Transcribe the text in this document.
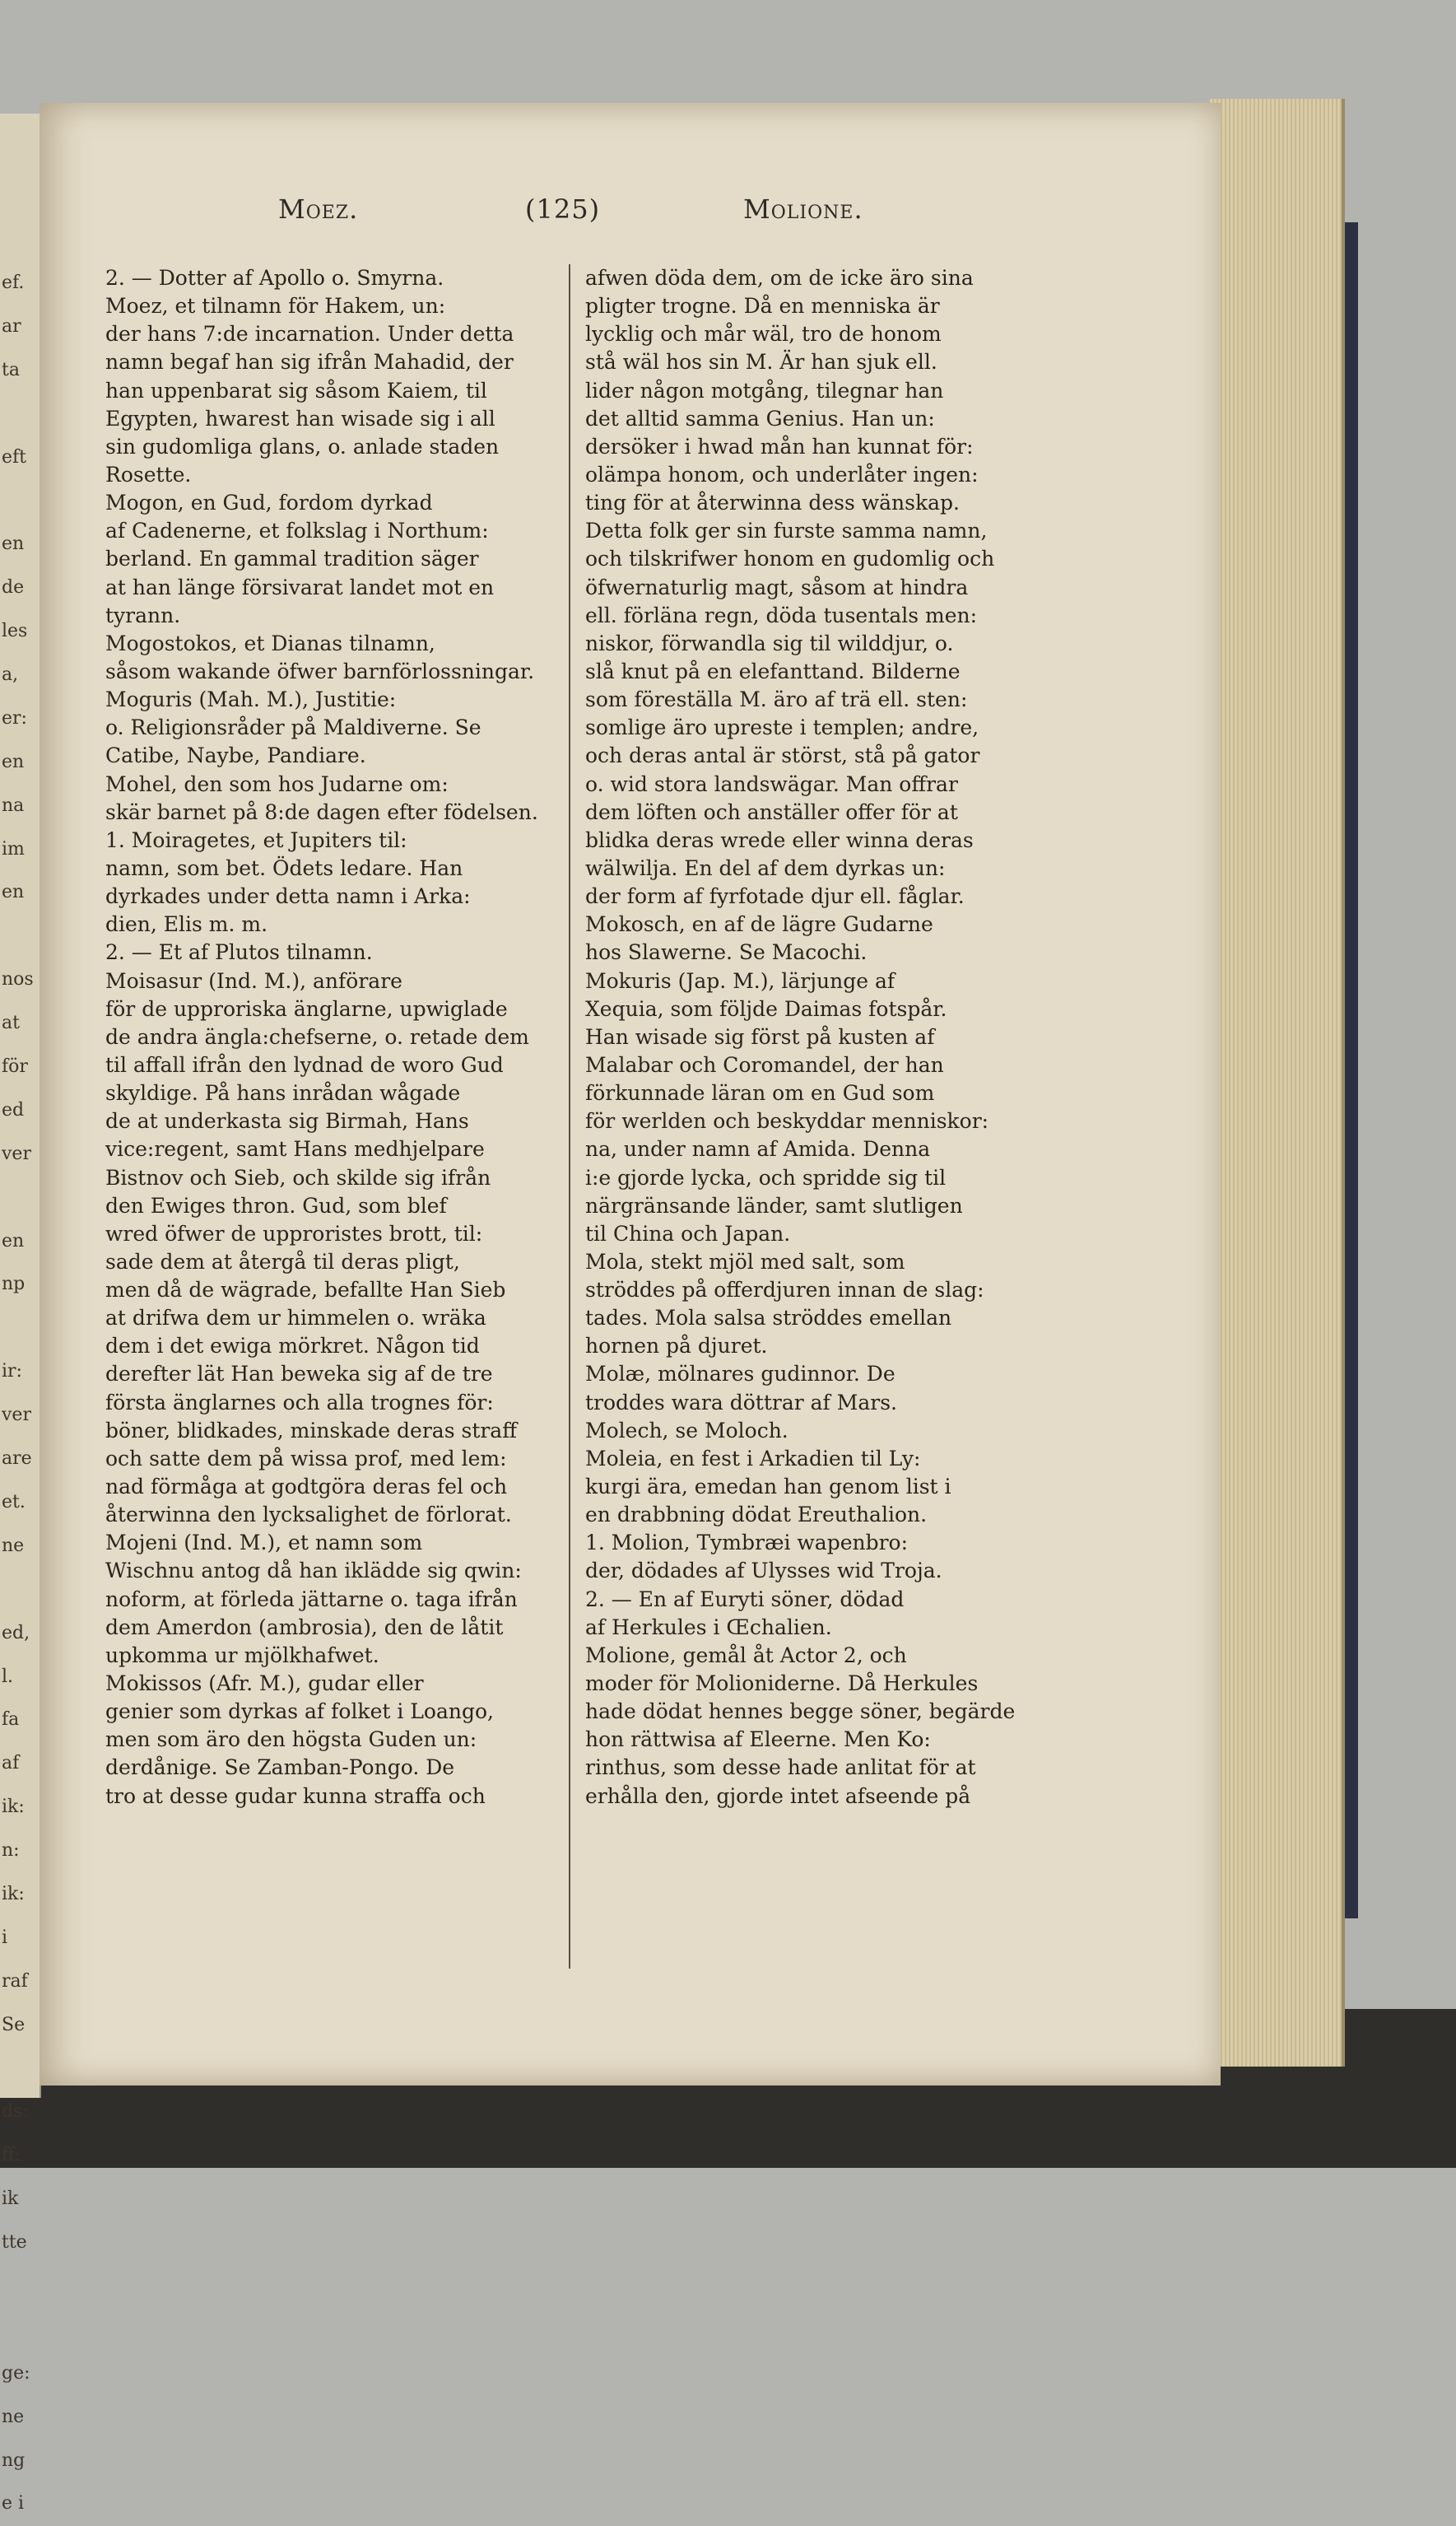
ef.
ar
ta
eft
en
de
les
a,
er:
en
na
im
en
nos
at
för
ed
ver
en
np
ir:
ver
are
et.
ne
ed,
l.
fa
af
ik:
n:
ik:
i
raf
Se
ds:
ff:
ik
tte
ge:
ne
ng
e i
Moez.	(125)	Molione.
2. — Dotter af Apollo o. Smyrna.
Moez, et tilnamn för Hakem, un:
der hans 7:de incarnation. Under detta
namn begaf han sig ifrån Mahadid, der
han uppenbarat sig såsom Kaiem, til
Egypten, hwarest han wisade sig i all
sin gudomliga glans, o. anlade staden
Rosette.
Mogon, en Gud, fordom dyrkad
af Cadenerne, et folkslag i Northum:
berland. En gammal tradition säger
at han länge försivarat landet mot en
tyrann.
Mogostokos, et Dianas tilnamn,
såsom wakande öfwer barnförlossningar.
Moguris (Mah. M.), Justitie:
o. Religionsråder på Maldiverne. Se
Catibe, Naybe, Pandiare.
Mohel, den som hos Judarne om:
skär barnet på 8:de dagen efter födelsen.
1. Moiragetes, et Jupiters til:
namn, som bet. Ödets ledare. Han
dyrkades under detta namn i Arka:
dien, Elis m. m.
2. — Et af Plutos tilnamn.
Moisasur (Ind. M.), anförare
för de upproriska änglarne, upwiglade
de andra ängla:chefserne, o. retade dem
til affall ifrån den lydnad de woro Gud
skyldige. På hans inrådan wågade
de at underkasta sig Birmah, Hans
vice:regent, samt Hans medhjelpare
Bistnov och Sieb, och skilde sig ifrån
den Ewiges thron. Gud, som blef
wred öfwer de upproristes brott, til:
sade dem at återgå til deras pligt,
men då de wägrade, befallte Han Sieb
at drifwa dem ur himmelen o. wräka
dem i det ewiga mörkret. Någon tid
derefter lät Han beweka sig af de tre
första änglarnes och alla trognes för:
böner, blidkades, minskade deras straff
och satte dem på wissa prof, med lem:
nad förmåga at godtgöra deras fel och
återwinna den lycksalighet de förlorat.
Mojeni (Ind. M.), et namn som
Wischnu antog då han iklädde sig qwin:
noform, at förleda jättarne o. taga ifrån
dem Amerdon (ambrosia), den de låtit
upkomma ur mjölkhafwet.
Mokissos (Afr. M.), gudar eller
genier som dyrkas af folket i Loango,
men som äro den högsta Guden un:
derdånige. Se Zamban-Pongo. De
tro at desse gudar kunna straffa och
afwen döda dem, om de icke äro sina
pligter trogne. Då en menniska är
lycklig och mår wäl, tro de honom
stå wäl hos sin M. Är han sjuk ell.
lider någon motgång, tilegnar han
det alltid samma Genius. Han un:
dersöker i hwad mån han kunnat för:
olämpa honom, och underlåter ingen:
ting för at återwinna dess wänskap.
Detta folk ger sin furste samma namn,
och tilskrifwer honom en gudomlig och
öfwernaturlig magt, såsom at hindra
ell. förläna regn, döda tusentals men:
niskor, förwandla sig til wilddjur, o.
slå knut på en elefanttand. Bilderne
som föreställa M. äro af trä ell. sten:
somlige äro upreste i templen; andre,
och deras antal är störst, stå på gator
o. wid stora landswägar. Man offrar
dem löften och anställer offer för at
blidka deras wrede eller winna deras
wälwilja. En del af dem dyrkas un:
der form af fyrfotade djur ell. fåglar.
Mokosch, en af de lägre Gudarne
hos Slawerne. Se Macochi.
Mokuris (Jap. M.), lärjunge af
Xequia, som följde Daimas fotspår.
Han wisade sig först på kusten af
Malabar och Coromandel, der han
förkunnade läran om en Gud som
för werlden och beskyddar menniskor:
na, under namn af Amida. Denna
i:e gjorde lycka, och spridde sig til
närgränsande länder, samt slutligen
til China och Japan.
Mola, stekt mjöl med salt, som
ströddes på offerdjuren innan de slag:
tades. Mola salsa ströddes emellan
hornen på djuret.
Molæ, mölnares gudinnor. De
troddes wara döttrar af Mars.
Molech, se Moloch.
Moleia, en fest i Arkadien til Ly:
kurgi ära, emedan han genom list i
en drabbning dödat Ereuthalion.
1. Molion, Tymbræi wapenbro:
der, dödades af Ulysses wid Troja.
2. — En af Euryti söner, dödad
af Herkules i Œchalien.
Molione, gemål åt Actor 2, och
moder för Molioniderne. Då Herkules
hade dödat hennes begge söner, begärde
hon rättwisa af Eleerne. Men Ko:
rinthus, som desse hade anlitat för at
erhålla den, gjorde intet afseende på
